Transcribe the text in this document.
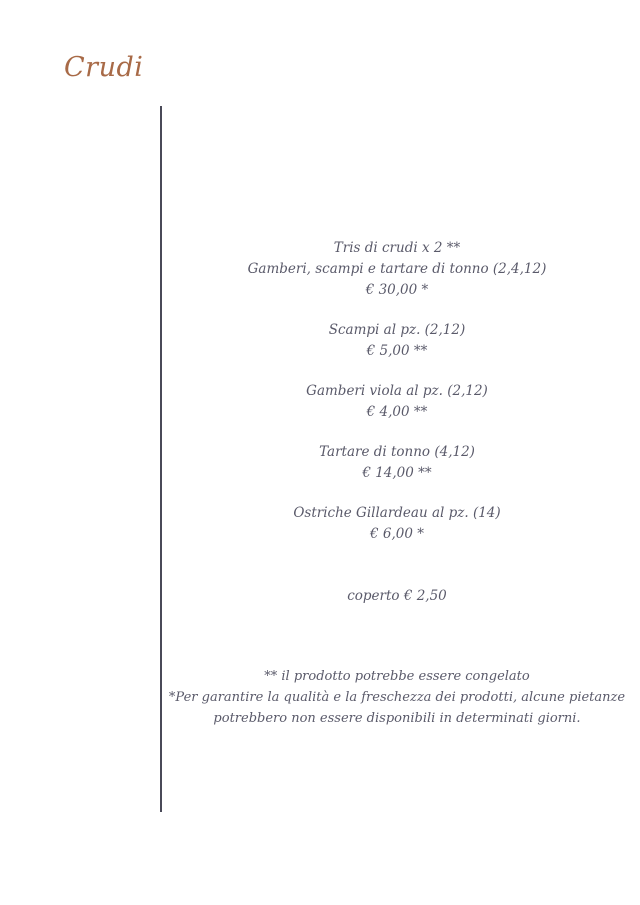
Crudi
Tris di crudi x 2 **
Gamberi, scampi e tartare di tonno (2,4,12)
€ 30,00 *
Scampi al pz. (2,12)
€ 5,00 **
Gamberi viola al pz. (2,12)
€ 4,00 **
Tartare di tonno (4,12)
€ 14,00 **
Ostriche Gillardeau al pz. (14)
€ 6,00 *
coperto € 2,50
** il prodotto potrebbe essere congelato
*Per garantire la qualità e la freschezza dei prodotti, alcune pietanze
potrebbero non essere disponibili in determinati giorni.
